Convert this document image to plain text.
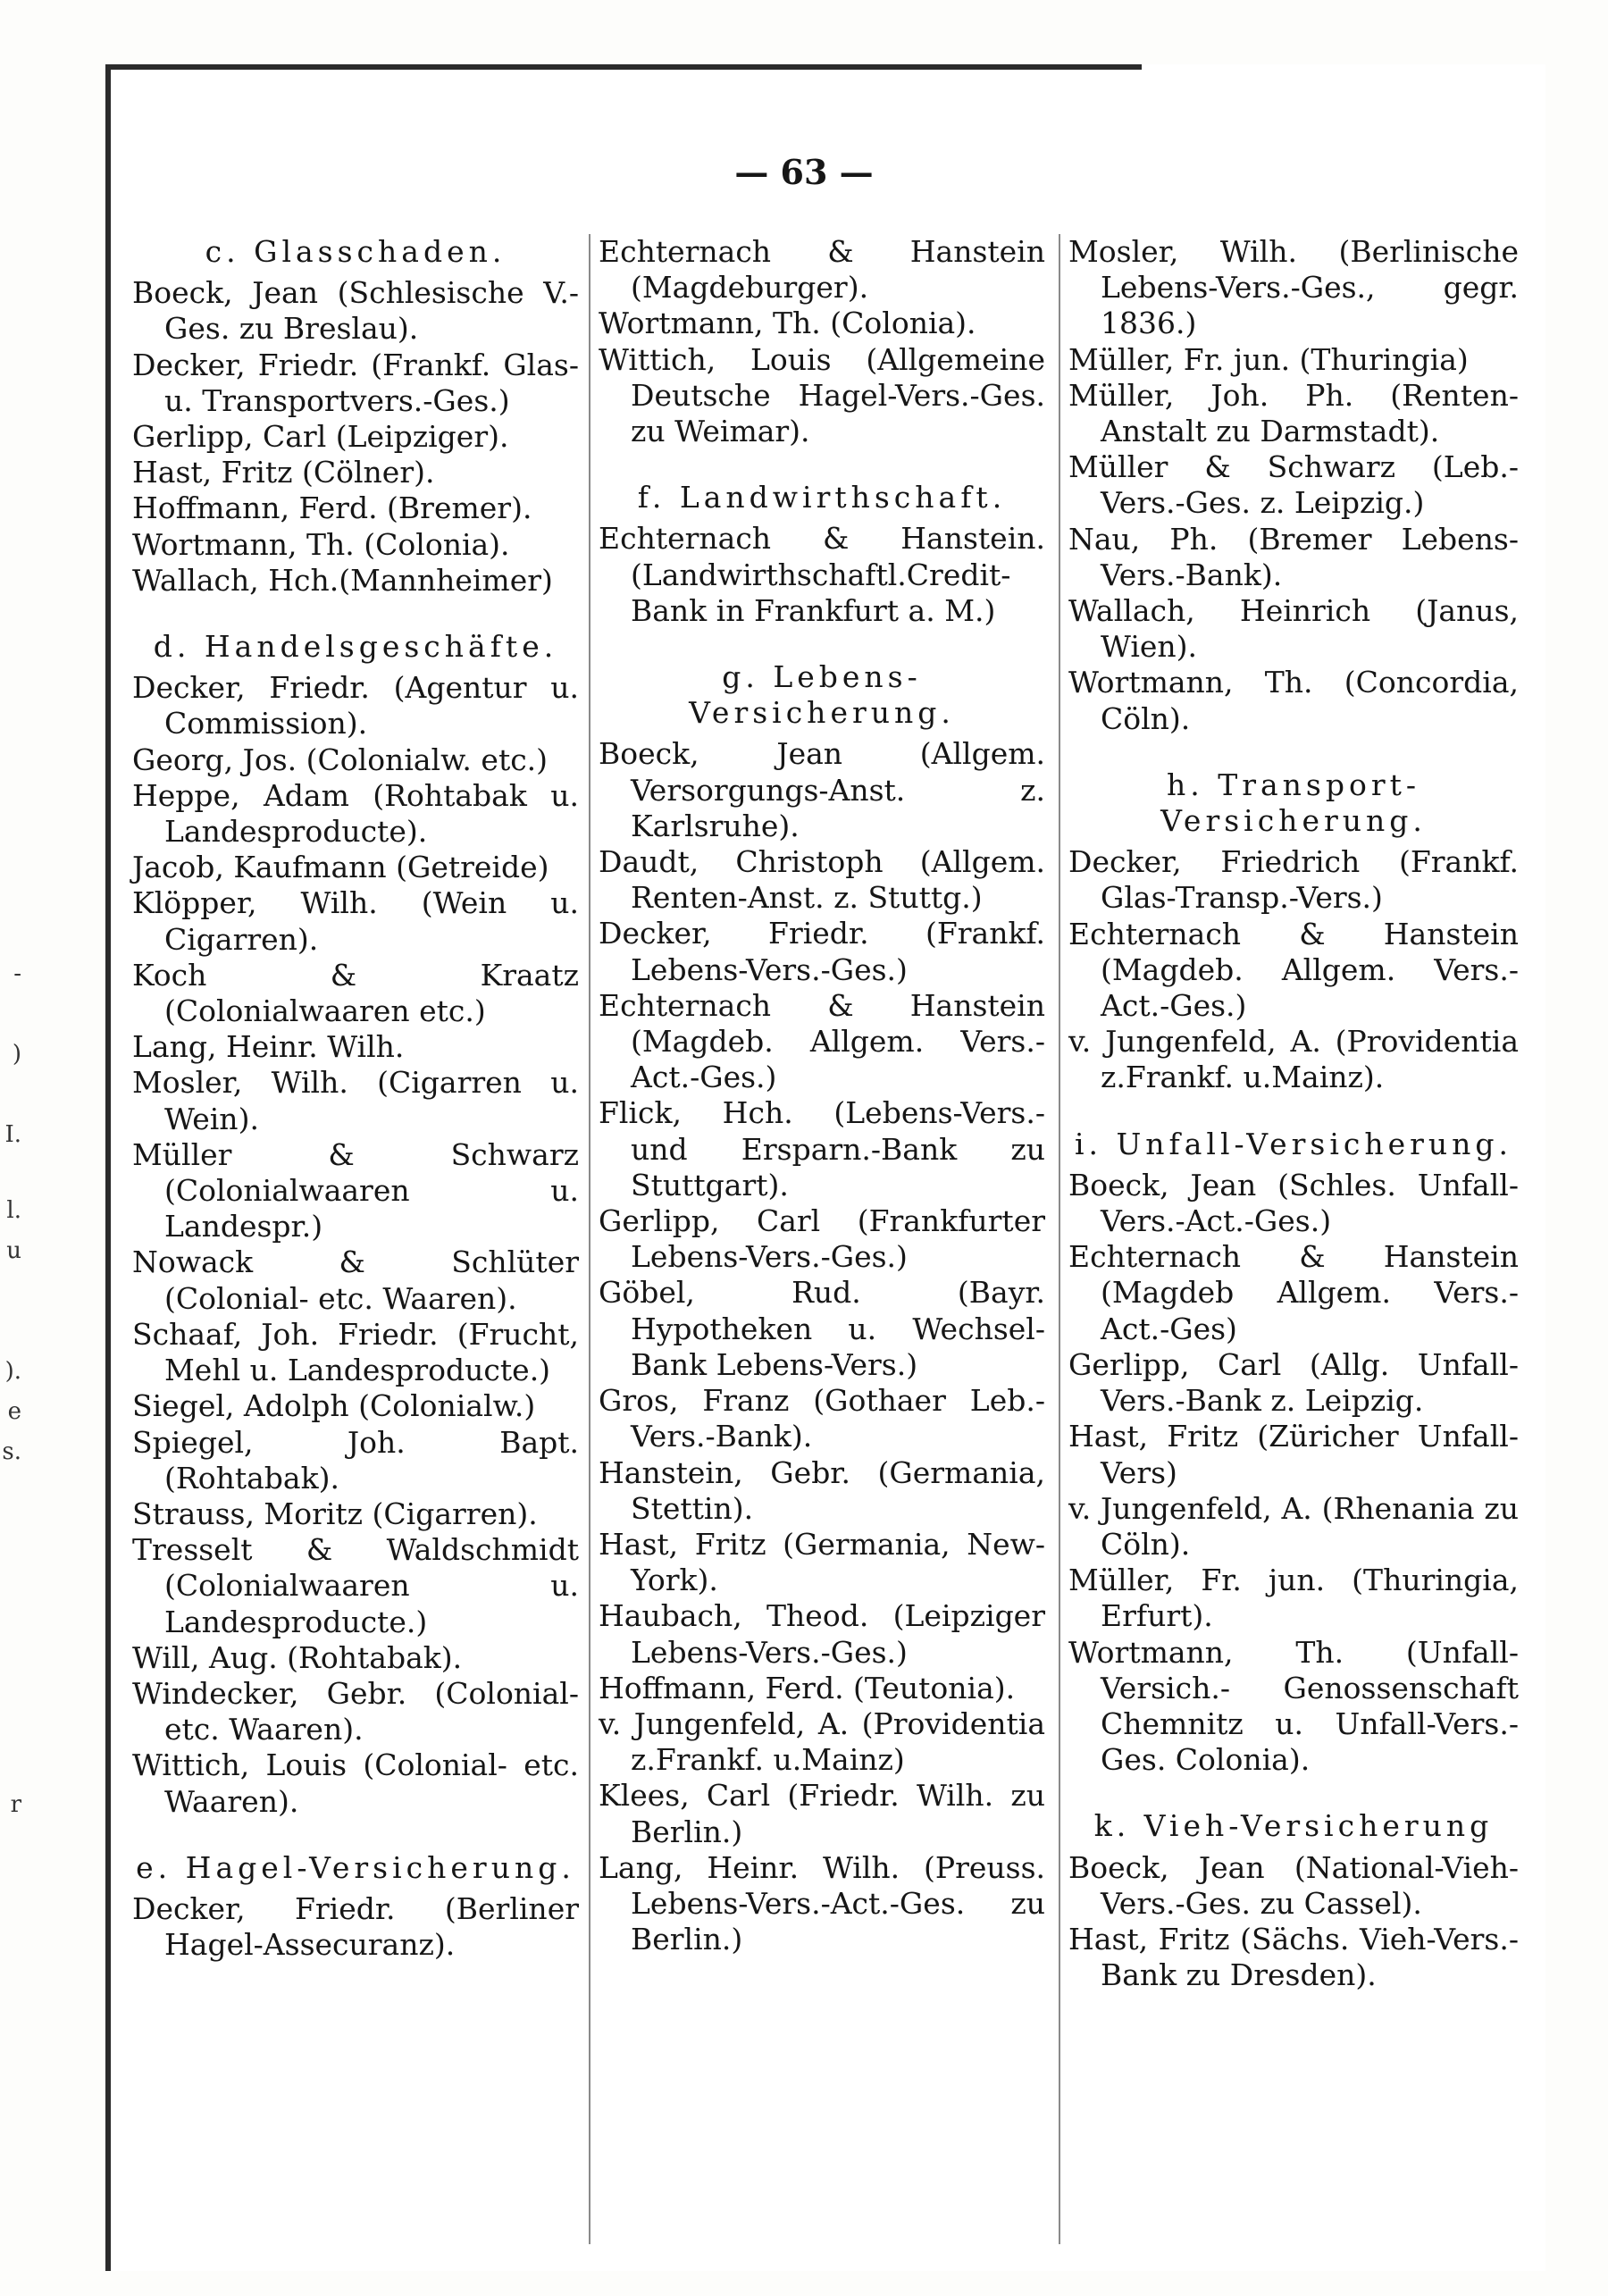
-
)
I.
l.
u
).
e
s.
r
— 63 —
c. Glasschaden.
Boeck, Jean (Schlesische V.-Ges. zu Breslau).
Decker, Friedr. (Frankf. Glas- u. Transportvers.-Ges.)
Gerlipp, Carl (Leipziger).
Hast, Fritz (Cölner).
Hoffmann, Ferd. (Bremer).
Wortmann, Th. (Colonia).
Wallach, Hch.(Mannheimer)
d. Handelsgeschäfte.
Decker, Friedr. (Agentur u. Commission).
Georg, Jos. (Colonialw. etc.)
Heppe, Adam (Rohtabak u. Landesproducte).
Jacob, Kaufmann (Getreide)
Klöpper, Wilh. (Wein u. Cigarren).
Koch & Kraatz (Colonialwaaren etc.)
Lang, Heinr. Wilh.
Mosler, Wilh. (Cigarren u. Wein).
Müller & Schwarz (Colonialwaaren u. Landespr.)
Nowack & Schlüter (Colonial- etc. Waaren).
Schaaf, Joh. Friedr. (Frucht, Mehl u. Landesproducte.)
Siegel, Adolph (Colonialw.)
Spiegel, Joh. Bapt. (Rohtabak).
Strauss, Moritz (Cigarren).
Tresselt & Waldschmidt (Colonialwaaren u. Landesproducte.)
Will, Aug. (Rohtabak).
Windecker, Gebr. (Colonial- etc. Waaren).
Wittich, Louis (Colonial- etc. Waaren).
e. Hagel-Versicherung.
Decker, Friedr. (Berliner Hagel-Assecuranz).
Echternach & Hanstein (Magdeburger).
Wortmann, Th. (Colonia).
Wittich, Louis (Allgemeine Deutsche Hagel-Vers.-Ges. zu Weimar).
f. Landwirthschaft.
Echternach & Hanstein. (Landwirthschaftl.Credit-Bank in Frankfurt a. M.)
g. Lebens-Versicherung.
Boeck, Jean (Allgem. Versorgungs-Anst. z. Karlsruhe).
Daudt, Christoph (Allgem. Renten-Anst. z. Stuttg.)
Decker, Friedr. (Frankf. Lebens-Vers.-Ges.)
Echternach & Hanstein (Magdeb. Allgem. Vers.-Act.-Ges.)
Flick, Hch. (Lebens-Vers.- und Ersparn.-Bank zu Stuttgart).
Gerlipp, Carl (Frankfurter Lebens-Vers.-Ges.)
Göbel, Rud. (Bayr. Hypotheken u. Wechsel-Bank Lebens-Vers.)
Gros, Franz (Gothaer Leb.-Vers.-Bank).
Hanstein, Gebr. (Germania, Stettin).
Hast, Fritz (Germania, New-York).
Haubach, Theod. (Leipziger Lebens-Vers.-Ges.)
Hoffmann, Ferd. (Teutonia).
v. Jungenfeld, A. (Providentia z.Frankf. u.Mainz)
Klees, Carl (Friedr. Wilh. zu Berlin.)
Lang, Heinr. Wilh. (Preuss. Lebens-Vers.-Act.-Ges. zu Berlin.)
Mosler, Wilh. (Berlinische Lebens-Vers.-Ges., gegr. 1836.)
Müller, Fr. jun. (Thuringia)
Müller, Joh. Ph. (Renten-Anstalt zu Darmstadt).
Müller & Schwarz (Leb.-Vers.-Ges. z. Leipzig.)
Nau, Ph. (Bremer Lebens-Vers.-Bank).
Wallach, Heinrich (Janus, Wien).
Wortmann, Th. (Concordia, Cöln).
h. Transport-Versicherung.
Decker, Friedrich (Frankf. Glas-Transp.-Vers.)
Echternach & Hanstein (Magdeb. Allgem. Vers.-Act.-Ges.)
v. Jungenfeld, A. (Providentia z.Frankf. u.Mainz).
i. Unfall-Versicherung.
Boeck, Jean (Schles. Unfall-Vers.-Act.-Ges.)
Echternach & Hanstein (Magdeb Allgem. Vers.-Act.-Ges)
Gerlipp, Carl (Allg. Unfall-Vers.-Bank z. Leipzig.
Hast, Fritz (Züricher Unfall-Vers)
v. Jungenfeld, A. (Rhenania zu Cöln).
Müller, Fr. jun. (Thuringia, Erfurt).
Wortmann, Th. (Unfall-Versich.- Genossenschaft Chemnitz u. Unfall-Vers.-Ges. Colonia).
k. Vieh-Versicherung
Boeck, Jean (National-Vieh-Vers.-Ges. zu Cassel).
Hast, Fritz (Sächs. Vieh-Vers.-Bank zu Dresden).
